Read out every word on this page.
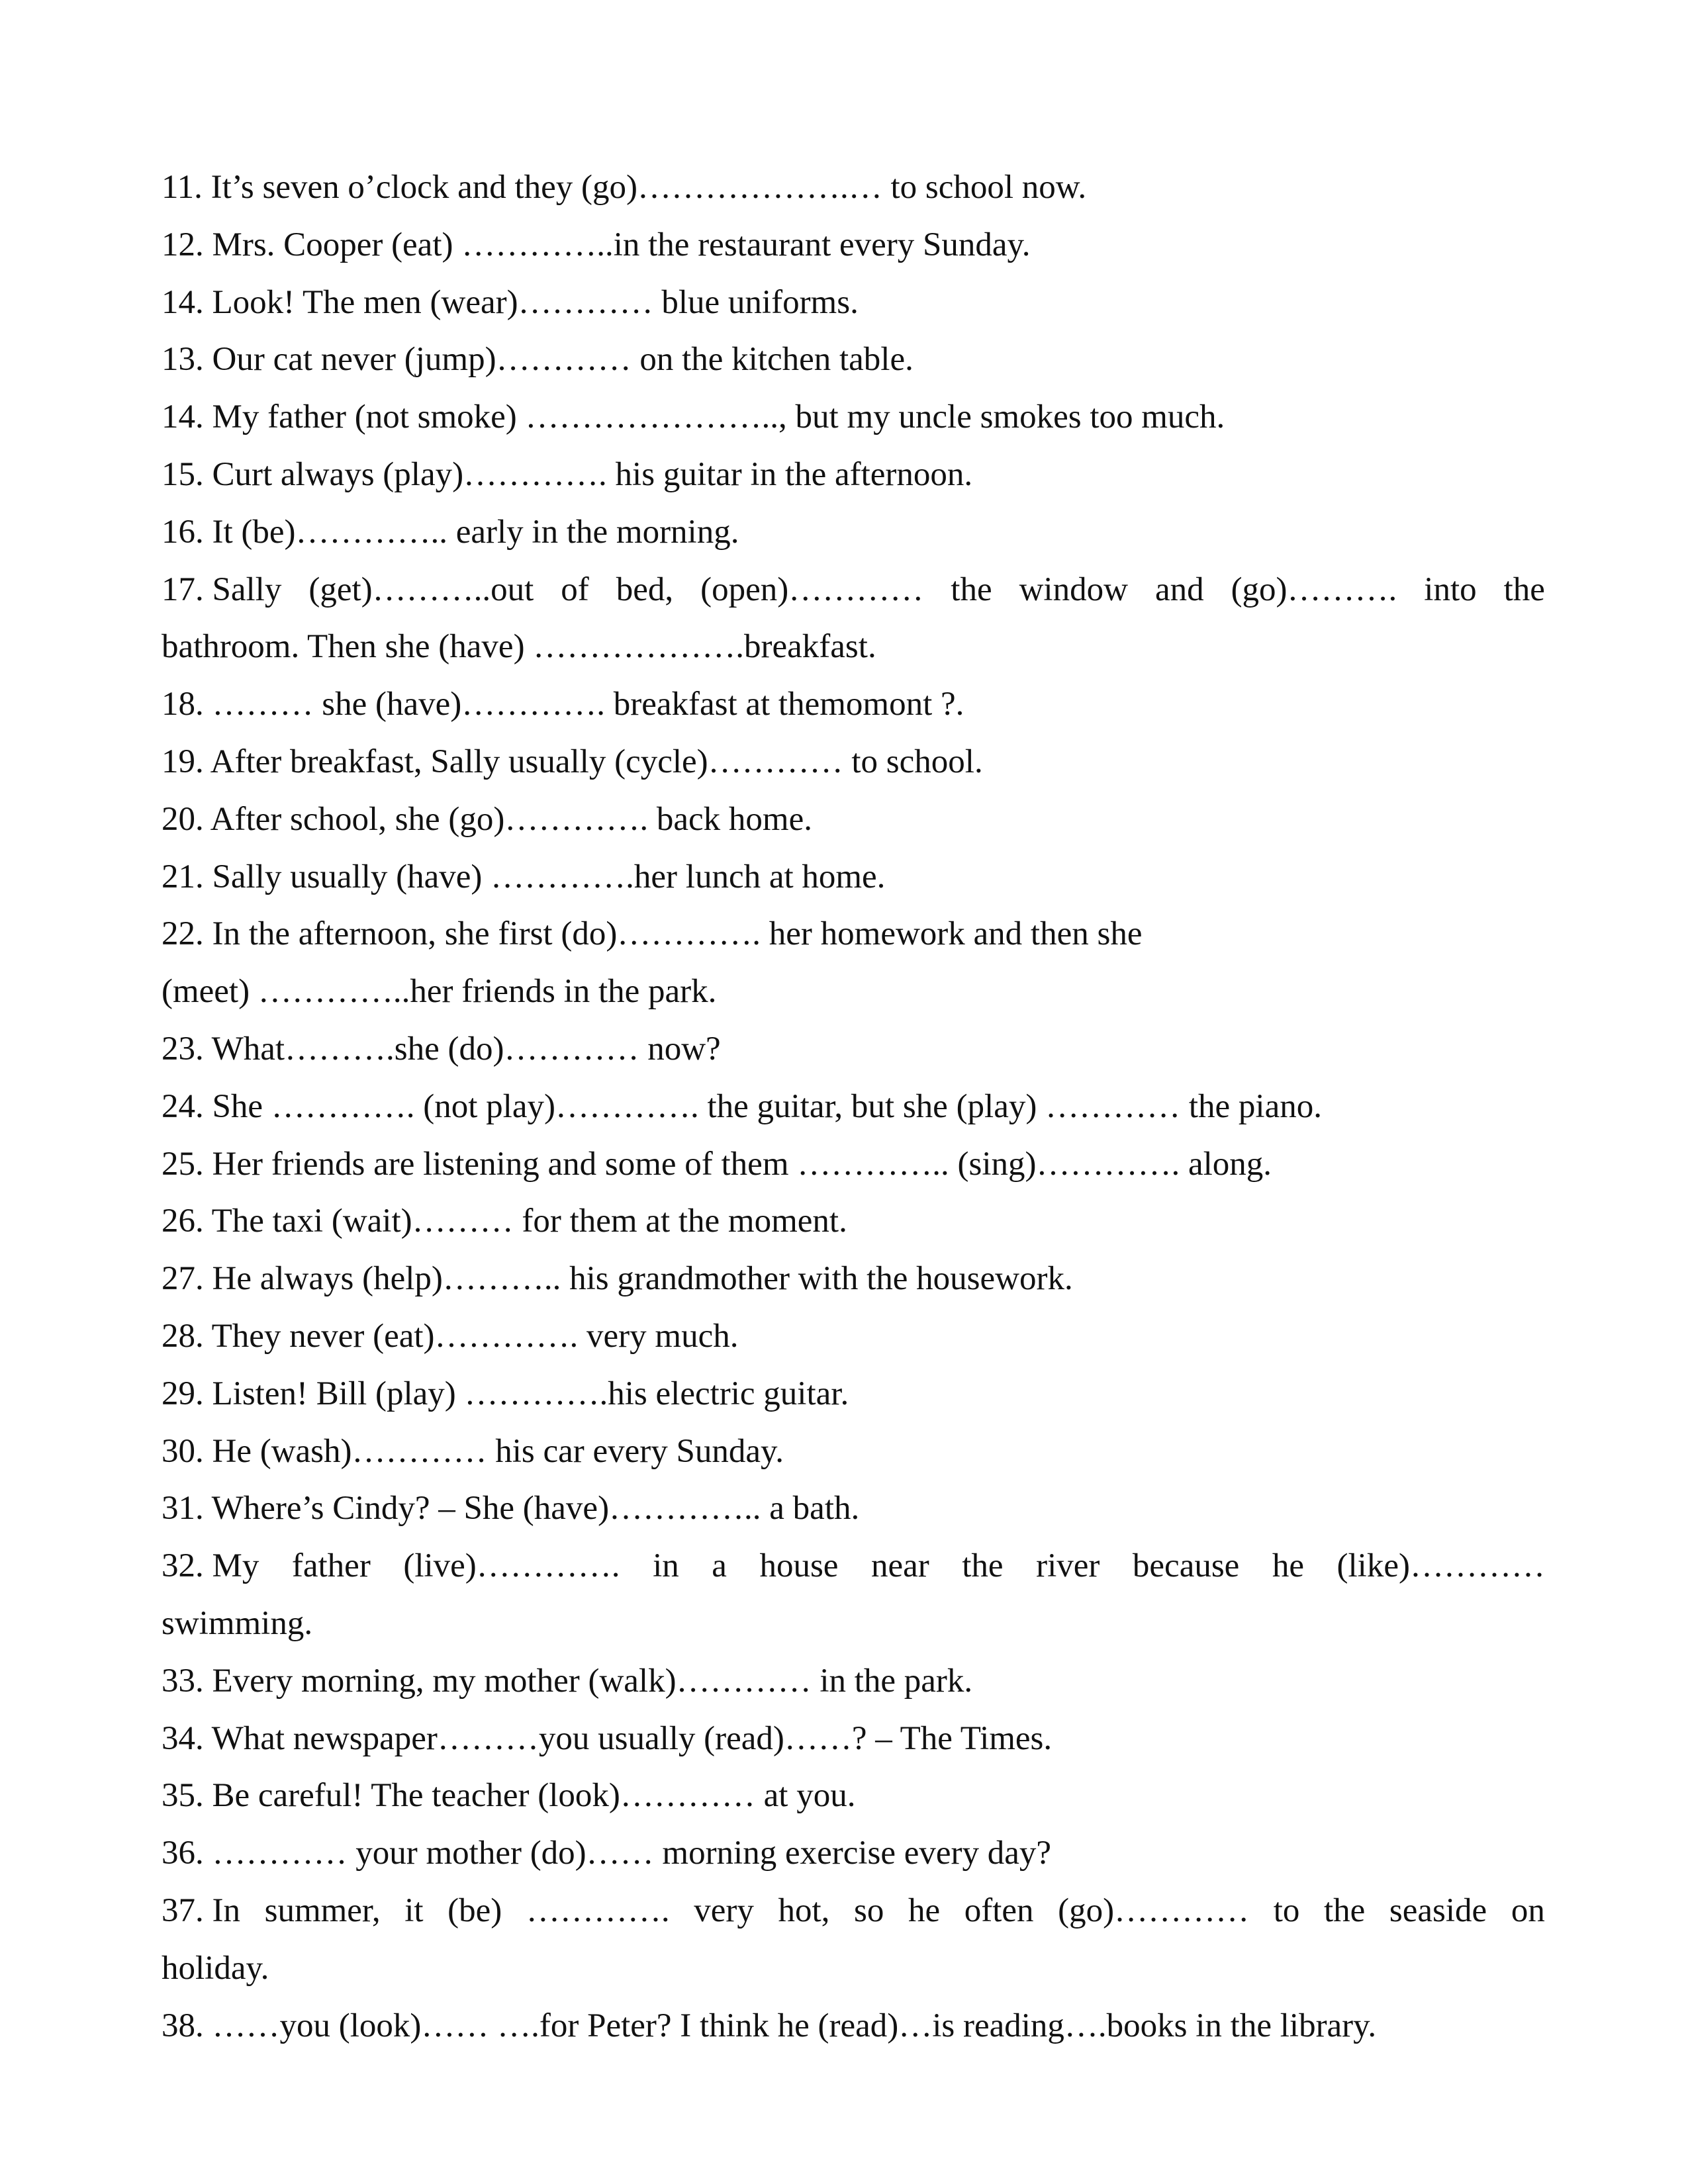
11. It’s seven o’clock and they (go)……………….… to school now.
12. Mrs. Cooper (eat) …………..in the restaurant every Sunday.
14. Look! The men (wear)………… blue uniforms.
13. Our cat never (jump)………… on the kitchen table.
14. My father (not smoke) ………………….., but my uncle smokes too much.
15. Curt always (play)…………. his guitar in the afternoon.
16. It (be)………….. early in the morning.
17. Sally (get)………..out of bed, (open)………… the window and (go)………. into the
bathroom. Then she (have) ……………….breakfast.
18. ……… she (have)…………. breakfast at themomont ?.
19. After breakfast, Sally usually (cycle)………… to school.
20. After school, she (go)…………. back home.
21. Sally usually (have) ………….her lunch at home.
22. In the afternoon, she first (do)…………. her homework and then she
(meet) …………..her friends in the park.
23. What……….she (do)………… now?
24. She …………. (not play)…………. the guitar, but she (play) ………… the piano.
25. Her friends are listening and some of them ………….. (sing)…………. along.
26. The taxi (wait)……… for them at the moment.
27. He always (help)……….. his grandmother with the housework.
28. They never (eat)…………. very much.
29. Listen! Bill (play) ………….his electric guitar.
30. He (wash)………… his car every Sunday.
31. Where’s Cindy? – She (have)………….. a bath.
32. My father (live)…………. in a house near the river because he (like)…………
swimming.
33. Every morning, my mother (walk)………… in the park.
34. What newspaper………you usually (read)……? – The Times.
35. Be careful! The teacher (look)………… at you.
36. ………… your mother (do)…… morning exercise every day?
37. In summer, it (be) …………. very hot, so he often (go)………… to the seaside on
holiday.
38. ……you (look)…… ….for Peter? I think he (read)…is reading….books in the library.
